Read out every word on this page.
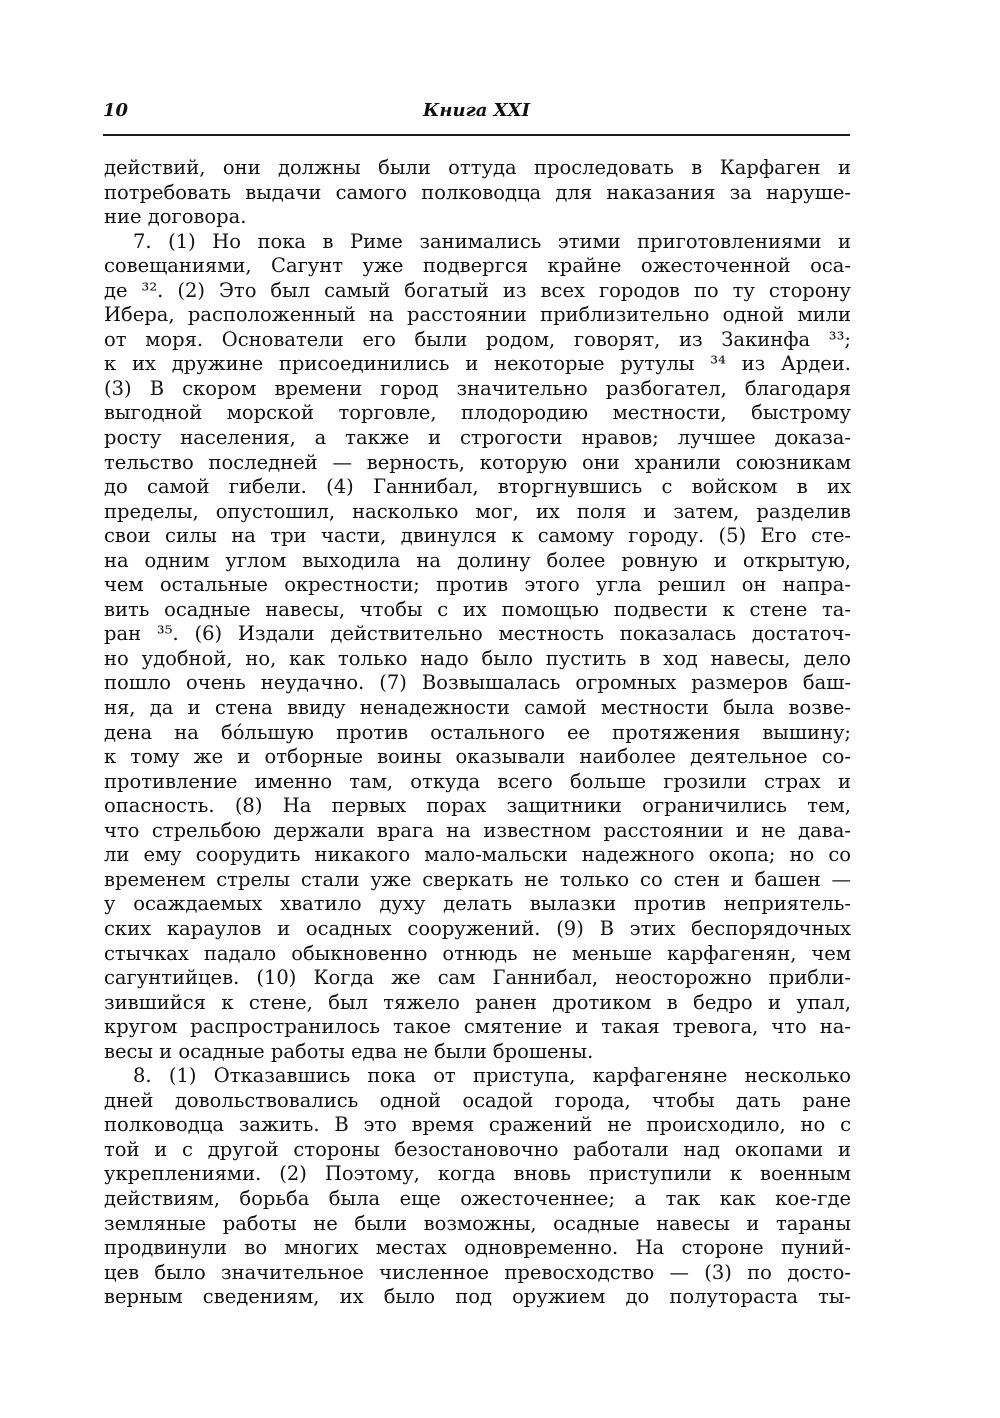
10	Книга XXI
действий, они должны были оттуда проследовать в Карфаген и
потребовать выдачи самого полководца для наказания за наруше-
ние договора.
7. (1) Но пока в Риме занимались этими приготовлениями и
совещаниями, Сагунт уже подвергся крайне ожесточенной оса-
де ³². (2) Это был самый богатый из всех городов по ту сторону
Ибера, расположенный на расстоянии приблизительно одной мили
от моря. Основатели его были родом, говорят, из Закинфа ³³;
к их дружине присоединились и некоторые рутулы ³⁴ из Ардеи.
(3) В скором времени город значительно разбогател, благодаря
выгодной морской торговле, плодородию местности, быстрому
росту населения, а также и строгости нравов; лучшее доказа-
тельство последней — верность, которую они хранили союзникам
до самой гибели. (4) Ганнибал, вторгнувшись с войском в их
пределы, опустошил, насколько мог, их поля и затем, разделив
свои силы на три части, двинулся к самому городу. (5) Его сте-
на одним углом выходила на долину более ровную и открытую,
чем остальные окрестности; против этого угла решил он напра-
вить осадные навесы, чтобы с их помощью подвести к стене та-
ран ³⁵. (6) Издали действительно местность показалась достаточ-
но удобной, но, как только надо было пустить в ход навесы, дело
пошло очень неудачно. (7) Возвышалась огромных размеров баш-
ня, да и стена ввиду ненадежности самой местности была возве-
дена на бо́льшую против остального ее протяжения вышину;
к тому же и отборные воины оказывали наиболее деятельное со-
противление именно там, откуда всего больше грозили страх и
опасность. (8) На первых порах защитники ограничились тем,
что стрельбою держали врага на известном расстоянии и не дава-
ли ему соорудить никакого мало-мальски надежного окопа; но со
временем стрелы стали уже сверкать не только со стен и башен —
у осаждаемых хватило духу делать вылазки против неприятель-
ских караулов и осадных сооружений. (9) В этих беспорядочных
стычках падало обыкновенно отнюдь не меньше карфагенян, чем
сагунтийцев. (10) Когда же сам Ганнибал, неосторожно прибли-
зившийся к стене, был тяжело ранен дротиком в бедро и упал,
кругом распространилось такое смятение и такая тревога, что на-
весы и осадные работы едва не были брошены.
8. (1) Отказавшись пока от приступа, карфагеняне несколько
дней довольствовались одной осадой города, чтобы дать ране
полководца зажить. В это время сражений не происходило, но с
той и с другой стороны безостановочно работали над окопами и
укреплениями. (2) Поэтому, когда вновь приступили к военным
действиям, борьба была еще ожесточеннее; а так как кое-где
земляные работы не были возможны, осадные навесы и тараны
продвинули во многих местах одновременно. На стороне пуний-
цев было значительное численное превосходство — (3) по досто-
верным сведениям, их было под оружием до полутораста ты-
